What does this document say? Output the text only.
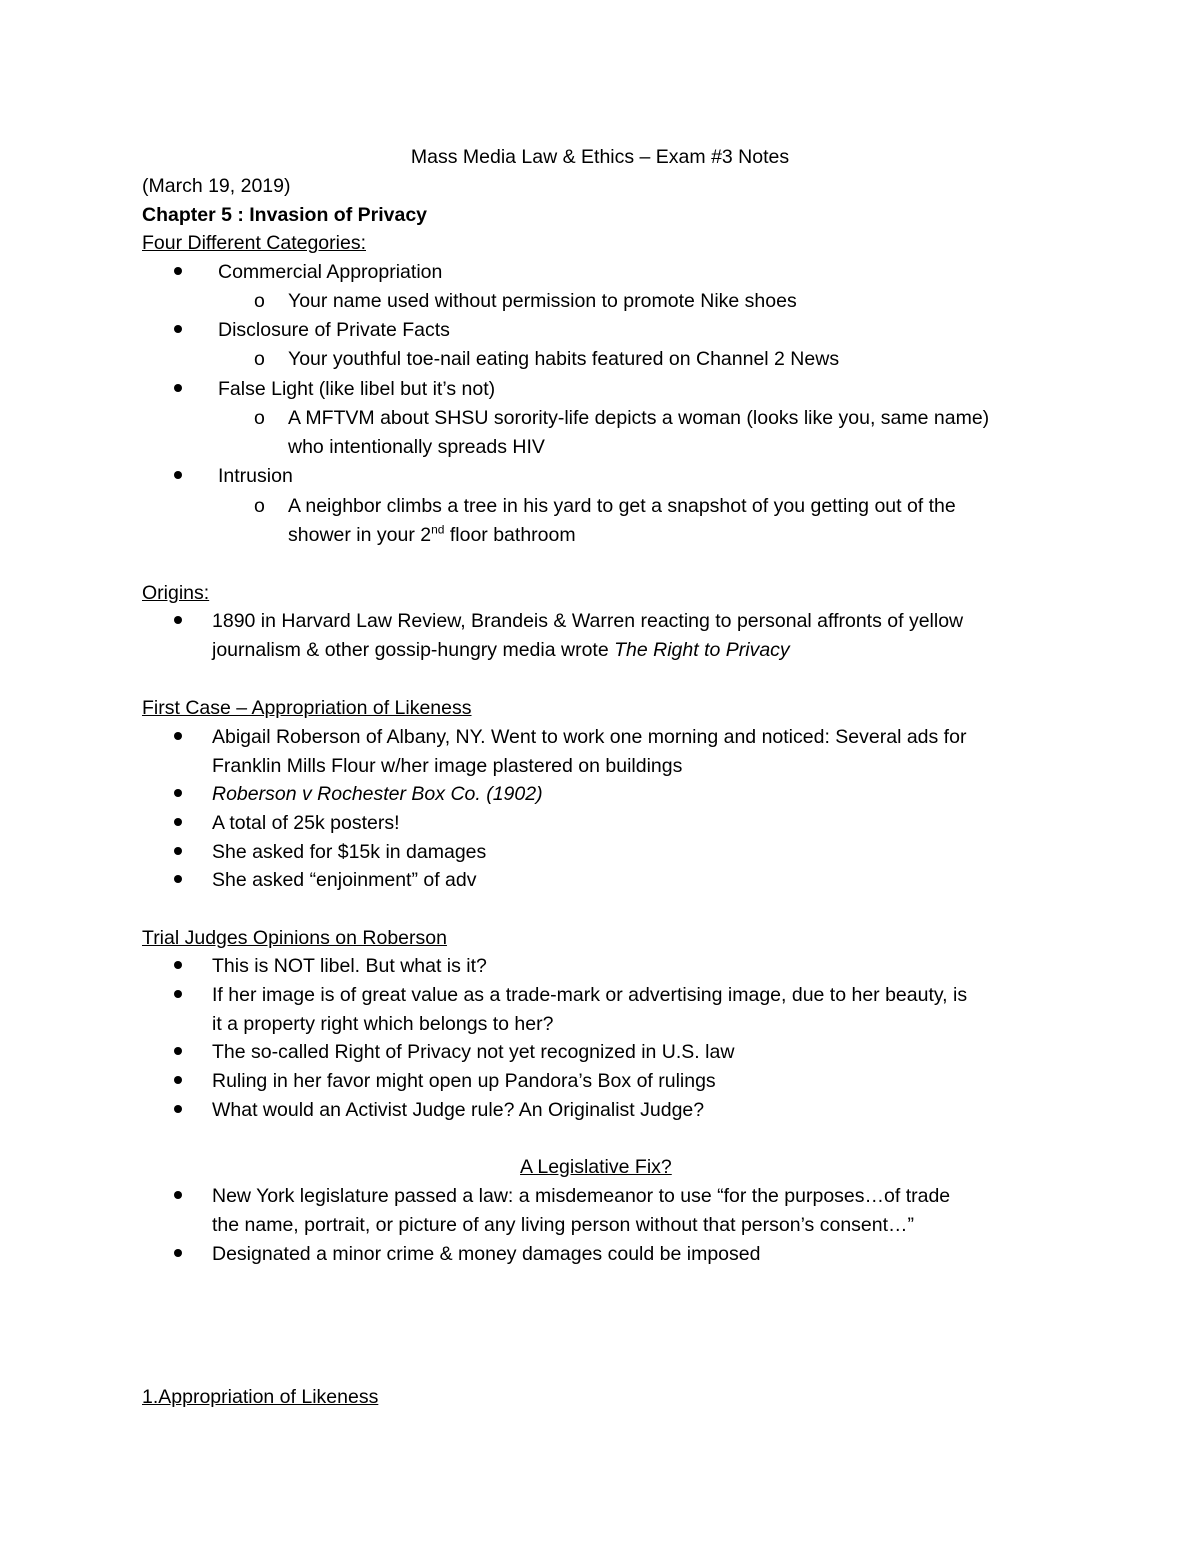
Mass Media Law & Ethics – Exam #3 Notes
(March 19, 2019)
Chapter 5 : Invasion of Privacy
Four Different Categories:
Commercial Appropriation
o Your name used without permission to promote Nike shoes
Disclosure of Private Facts
o Your youthful toe-nail eating habits featured on Channel 2 News
False Light (like libel but it’s not)
o A MFTVM about SHSU sorority-life depicts a woman (looks like you, same name)
who intentionally spreads HIV
Intrusion
o A neighbor climbs a tree in his yard to get a snapshot of you getting out of the
shower in your 2nd floor bathroom
Origins:
1890 in Harvard Law Review, Brandeis & Warren reacting to personal affronts of yellow
journalism & other gossip-hungry media wrote The Right to Privacy
First Case – Appropriation of Likeness
Abigail Roberson of Albany, NY. Went to work one morning and noticed: Several ads for
Franklin Mills Flour w/her image plastered on buildings
Roberson v Rochester Box Co. (1902)
A total of 25k posters!
She asked for $15k in damages
She asked “enjoinment” of adv
Trial Judges Opinions on Roberson
This is NOT libel. But what is it?
If her image is of great value as a trade-mark or advertising image, due to her beauty, is
it a property right which belongs to her?
The so-called Right of Privacy not yet recognized in U.S. law
Ruling in her favor might open up Pandora’s Box of rulings
What would an Activist Judge rule? An Originalist Judge?
A Legislative Fix?
New York legislature passed a law: a misdemeanor to use “for the purposes…of trade
the name, portrait, or picture of any living person without that person’s consent…”
Designated a minor crime & money damages could be imposed
1.Appropriation of Likeness
